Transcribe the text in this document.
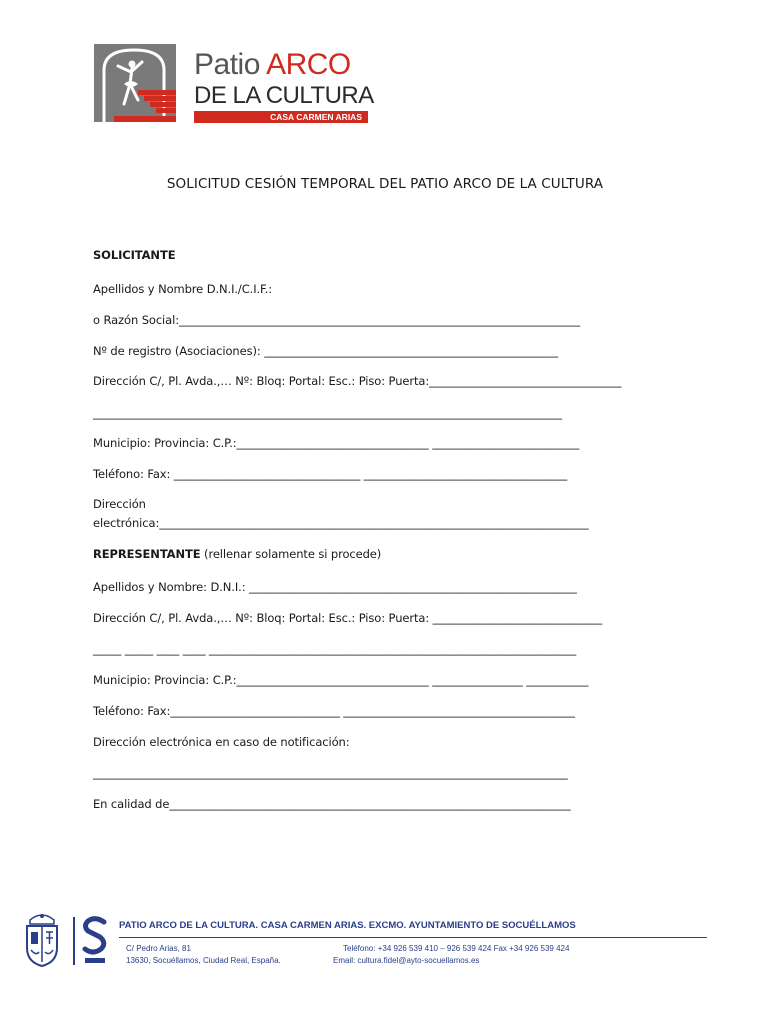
Patio ARCO
DE LA CULTURA
CASA CARMEN ARIAS
SOLICITUD CESIÓN TEMPORAL DEL PATIO ARCO DE LA CULTURA
SOLICITANTE
Apellidos y Nombre D.N.I./C.I.F.:
o Razón Social:_______________________________________________________________________
Nº de registro (Asociaciones): ____________________________________________________
Dirección C/, Pl. Avda.,… Nº: Bloq: Portal: Esc.: Piso: Puerta:__________________________________
___________________________________________________________________________________
Municipio: Provincia: C.P.:__________________________________ __________________________
Teléfono: Fax: _________________________________ ____________________________________
Dirección
electrónica:____________________________________________________________________________
REPRESENTANTE (rellenar solamente si procede)
Apellidos y Nombre: D.N.I.: __________________________________________________________
Dirección C/, Pl. Avda.,… Nº: Bloq: Portal: Esc.: Piso: Puerta: ______________________________
_____ _____ ____ ____ _________________________________________________________________
Municipio: Provincia: C.P.:__________________________________ ________________ ___________
Teléfono: Fax:______________________________ _________________________________________
Dirección electrónica en caso de notificación:
____________________________________________________________________________________
En calidad de_______________________________________________________________________
PATIO ARCO DE LA CULTURA. CASA CARMEN ARIAS. EXCMO. AYUNTAMIENTO DE SOCUÉLLAMOS
C/ Pedro Arias, 81
13630, Socuéllamos, Ciudad Real, España.
Teléfono: +34 926 539 410 – 926 539 424 Fax +34 926 539 424
Email: cultura.fidel@ayto-socuellamos.es
